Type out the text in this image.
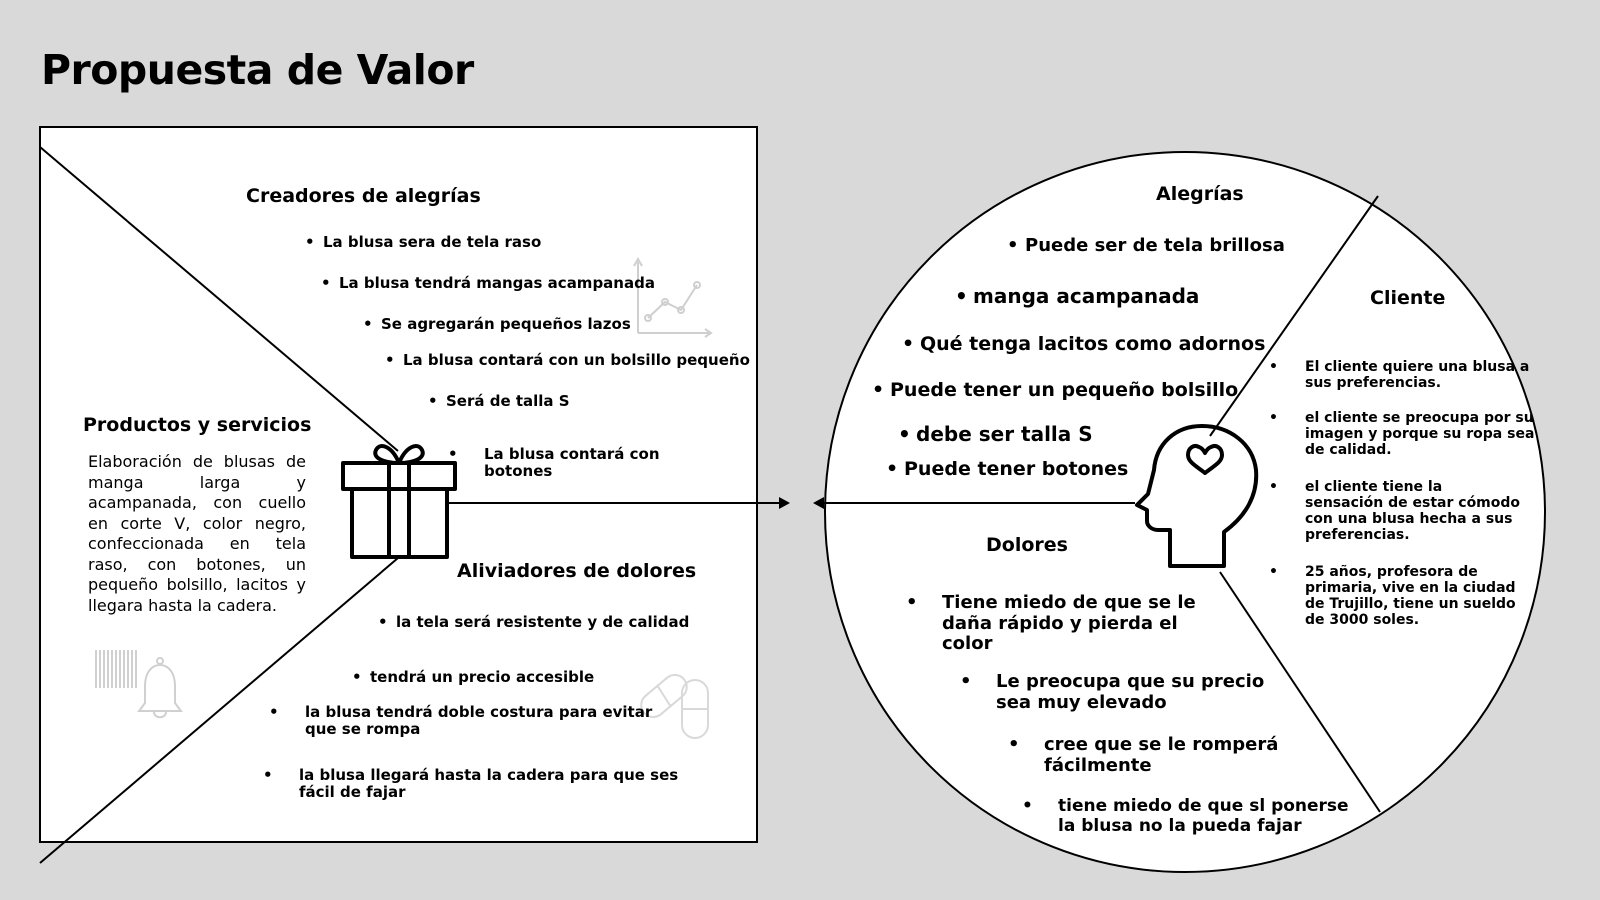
Propuesta de Valor
Creadores de alegrías
• La blusa sera de tela raso
• La blusa tendrá mangas acampanada
• Se agregarán pequeños lazos
• La blusa contará con un bolsillo pequeño
• Será de talla S
• La blusa contará con botones
Productos y servicios

Elaboración de blusas de manga larga y acampanada, con cuello en corte V, color negro, confeccionada en tela raso, con botones, un pequeño bolsillo, lacitos y llegara hasta la cadera.

Aliviadores de dolores
• la tela será resistente y de calidad
• tendrá un precio accesible
• la blusa tendrá doble costura para evitar que se rompa
• la blusa llegará hasta la cadera para que ses fácil de fajar
Alegrías
• Puede ser de tela brillosa
• manga acampanada
• Qué tenga lacitos como adornos
• Puede tener un pequeño bolsillo
• debe ser talla S
• Puede tener botones
Cliente
• El cliente quiere una blusa a sus preferencias.
• el cliente se preocupa por su imagen y porque su ropa sea de calidad.
• el cliente tiene la sensación de estar cómodo con una blusa hecha a sus preferencias.
• 25 años, profesora de primaria, vive en la ciudad de Trujillo, tiene un sueldo de 3000 soles.
Dolores
• Tiene miedo de que se le daña rápido y pierda el color
• Le preocupa que su precio sea muy elevado
• cree que se le romperá fácilmente
• tiene miedo de que sl ponerse la blusa no la pueda fajar
